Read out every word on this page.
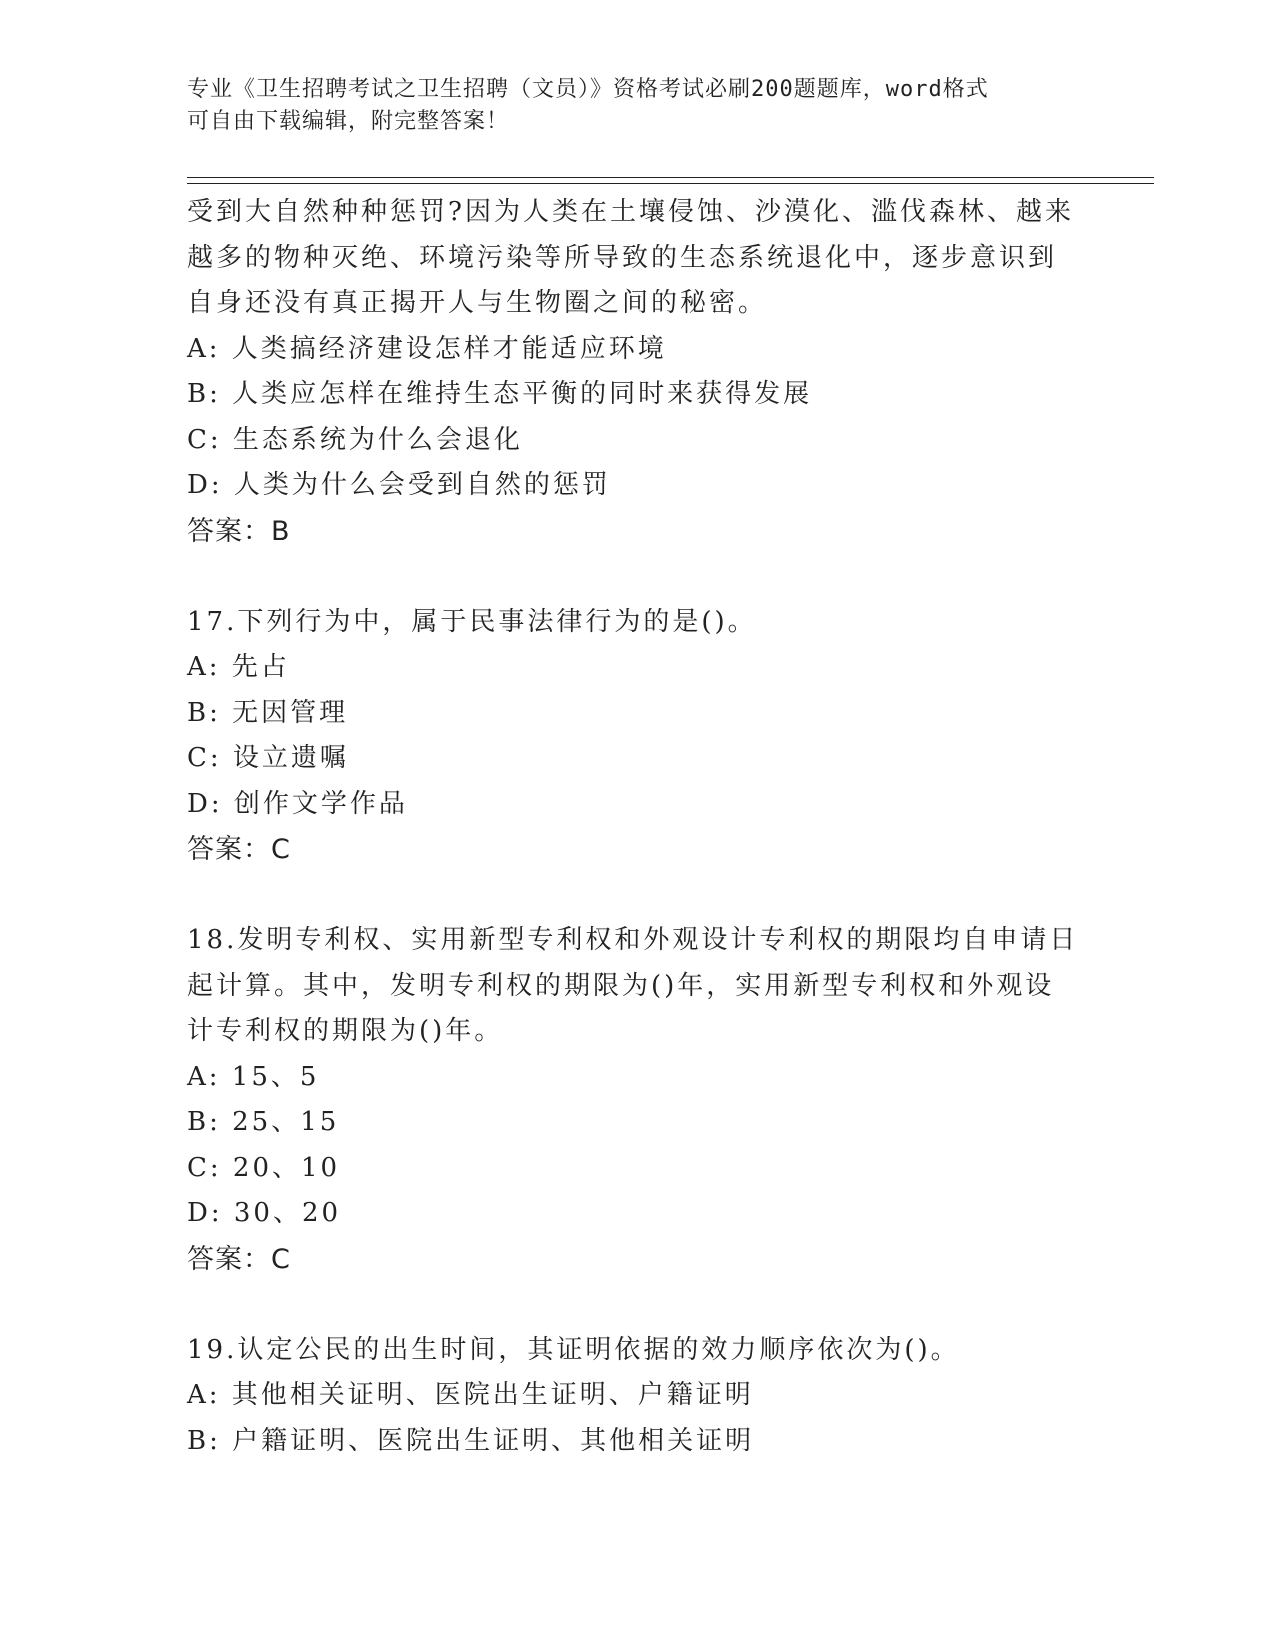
专业《卫生招聘考试之卫生招聘（文员）》资格考试必刷200题题库，word格式
可自由下载编辑，附完整答案！
受到大自然种种惩罚?因为人类在土壤侵蚀、沙漠化、滥伐森林、越来
越多的物种灭绝、环境污染等所导致的生态系统退化中，逐步意识到
自身还没有真正揭开人与生物圈之间的秘密。
A: 人类搞经济建设怎样才能适应环境
B: 人类应怎样在维持生态平衡的同时来获得发展
C: 生态系统为什么会退化
D: 人类为什么会受到自然的惩罚
答案：B
17.下列行为中，属于民事法律行为的是()。
A: 先占
B: 无因管理
C: 设立遗嘱
D: 创作文学作品
答案：C
18.发明专利权、实用新型专利权和外观设计专利权的期限均自申请日
起计算。其中，发明专利权的期限为()年，实用新型专利权和外观设
计专利权的期限为()年。
A: 15、5
B: 25、15
C: 20、10
D: 30、20
答案：C
19.认定公民的出生时间，其证明依据的效力顺序依次为()。
A: 其他相关证明、医院出生证明、户籍证明
B: 户籍证明、医院出生证明、其他相关证明
